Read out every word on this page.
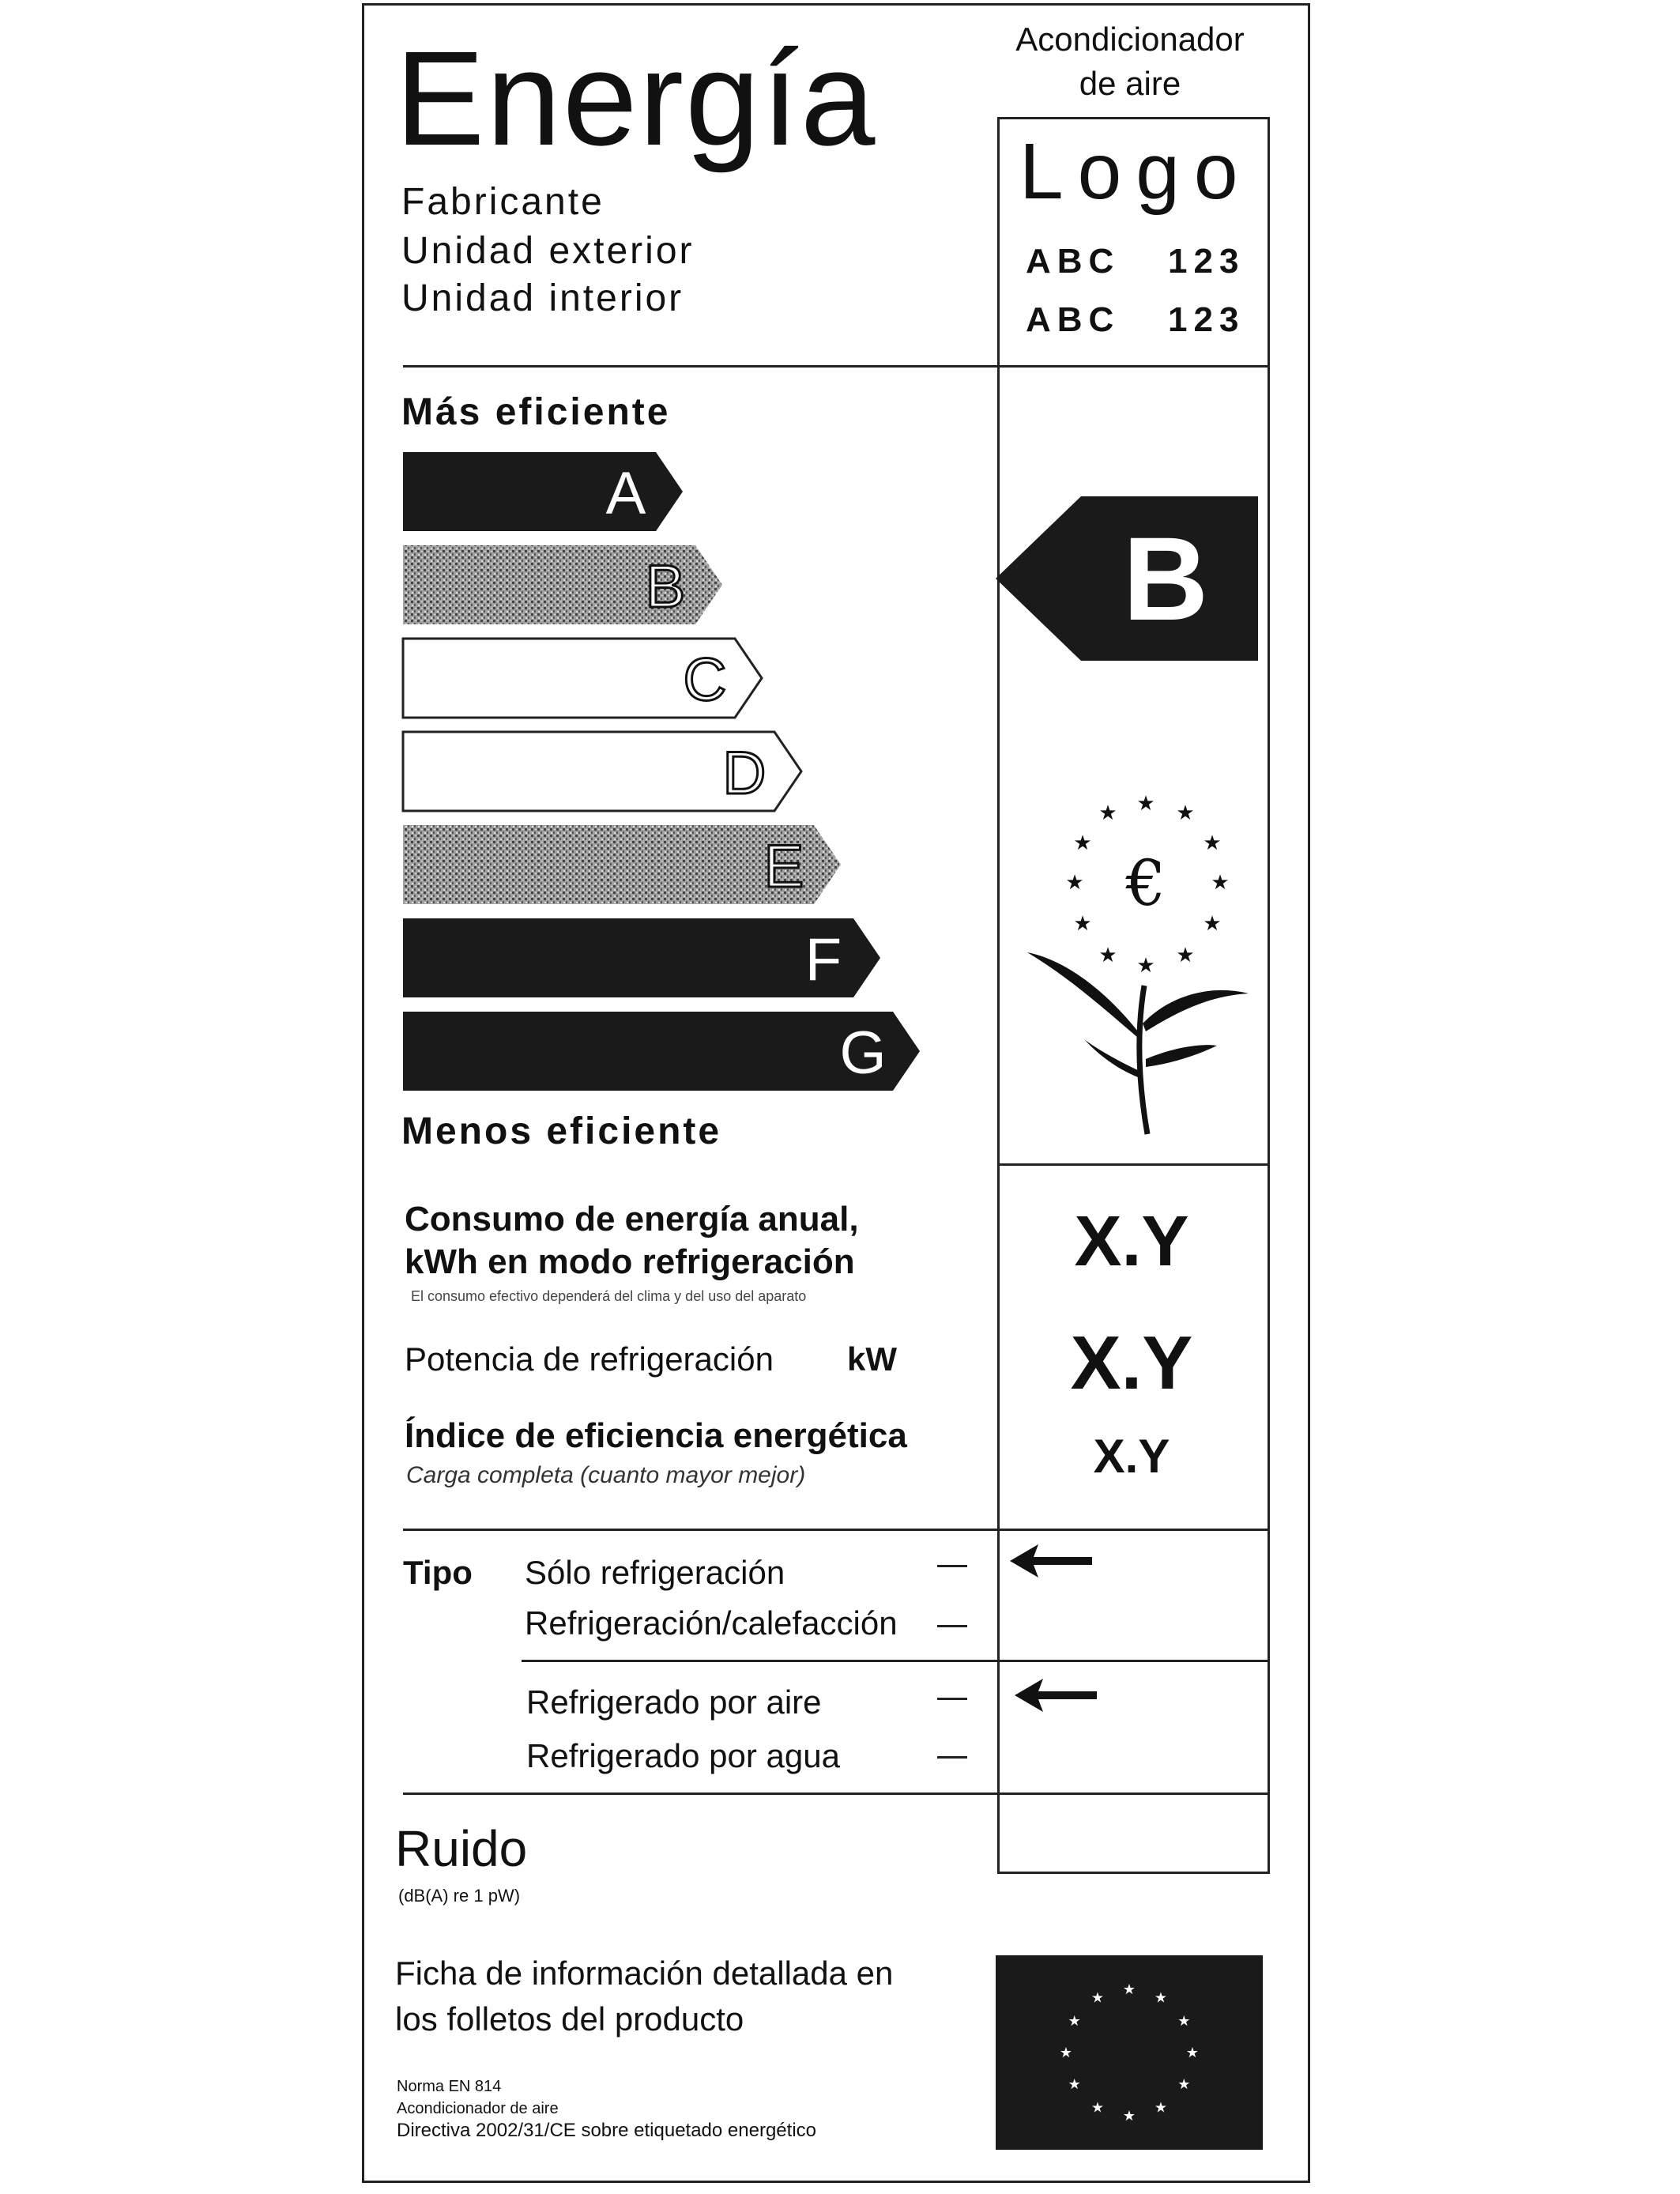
Energía	Acondicionador
de aire
Fabricante
Unidad exterior
Unidad interior
Logo
ABC 123
ABC 123
Más eficiente
Menos eficiente
A
B
C
D
E
F
G
B
★ ★
★
★	★
★	★
★	★
★	★
★
€
Consumo de energía anual,
kWh en modo refrigeración
El consumo efectivo dependerá del clima y del uso del aparato
X.Y
Potencia de refrigeración kW	X.Y
Índice de eficiencia energética
Carga completa (cuanto mayor mejor)	X.Y
Tipo Sólo refrigeración
Refrigeración/calefacción
Refrigerado por aire
Refrigerado por agua
Ruido
(dB(A) re 1 pW)
Ficha de información detallada en
los folletos del producto
Norma EN 814
Acondicionador de aire
Directiva 2002/31/CE sobre etiquetado energético
★
★
★
★
★
★
★
★
★
★
★
★
